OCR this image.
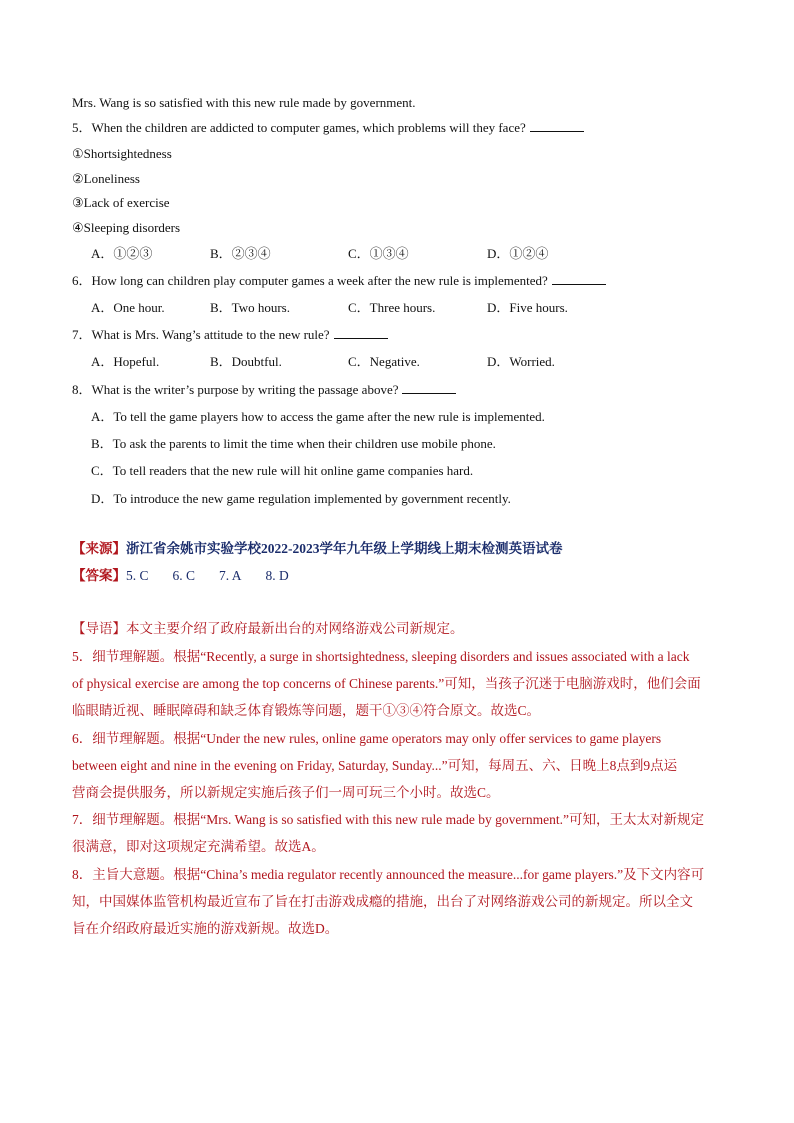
Mrs. Wang is so satisfied with this new rule made by government.
5．When the children are addicted to computer games, which problems will they face?
①Shortsightedness
②Loneliness
③Lack of exercise
④Sleeping disorders
A．①②③	B．②③④	C．①③④	D．①②④
6．How long can children play computer games a week after the new rule is implemented?
A．One hour.	B．Two hours.	C．Three hours.	D．Five hours.
7．What is Mrs. Wang’s attitude to the new rule?
A．Hopeful.	B．Doubtful.	C．Negative.	D．Worried.
8．What is the writer’s purpose by writing the passage above?
A．To tell the game players how to access the game after the new rule is implemented.
B．To ask the parents to limit the time when their children use mobile phone.
C．To tell readers that the new rule will hit online game companies hard.
D．To introduce the new game regulation implemented by government recently.
【来源】浙江省余姚市实验学校2022-2023学年九年级上学期线上期末检测英语试卷
【答案】5. C 6. C 7. A 8. D
【导语】本文主要介绍了政府最新出台的对网络游戏公司新规定。
5．细节理解题。根据“Recently, a surge in shortsightedness, sleeping disorders and issues associated with a lack
of physical exercise are among the top concerns of Chinese parents.”可知，当孩子沉迷于电脑游戏时，他们会面
临眼睛近视、睡眠障碍和缺乏体育锻炼等问题，题干①③④符合原文。故选C。
6．细节理解题。根据“Under the new rules, online game operators may only offer services to game players
between eight and nine in the evening on Friday, Saturday, Sunday...”可知，每周五、六、日晚上8点到9点运
营商会提供服务，所以新规定实施后孩子们一周可玩三个小时。故选C。
7．细节理解题。根据“Mrs. Wang is so satisfied with this new rule made by government.”可知，王太太对新规定
很满意，即对这项规定充满希望。故选A。
8．主旨大意题。根据“China’s media regulator recently announced the measure...for game players.”及下文内容可
知，中国媒体监管机构最近宣布了旨在打击游戏成瘾的措施，出台了对网络游戏公司的新规定。所以全文
旨在介绍政府最近实施的游戏新规。故选D。
